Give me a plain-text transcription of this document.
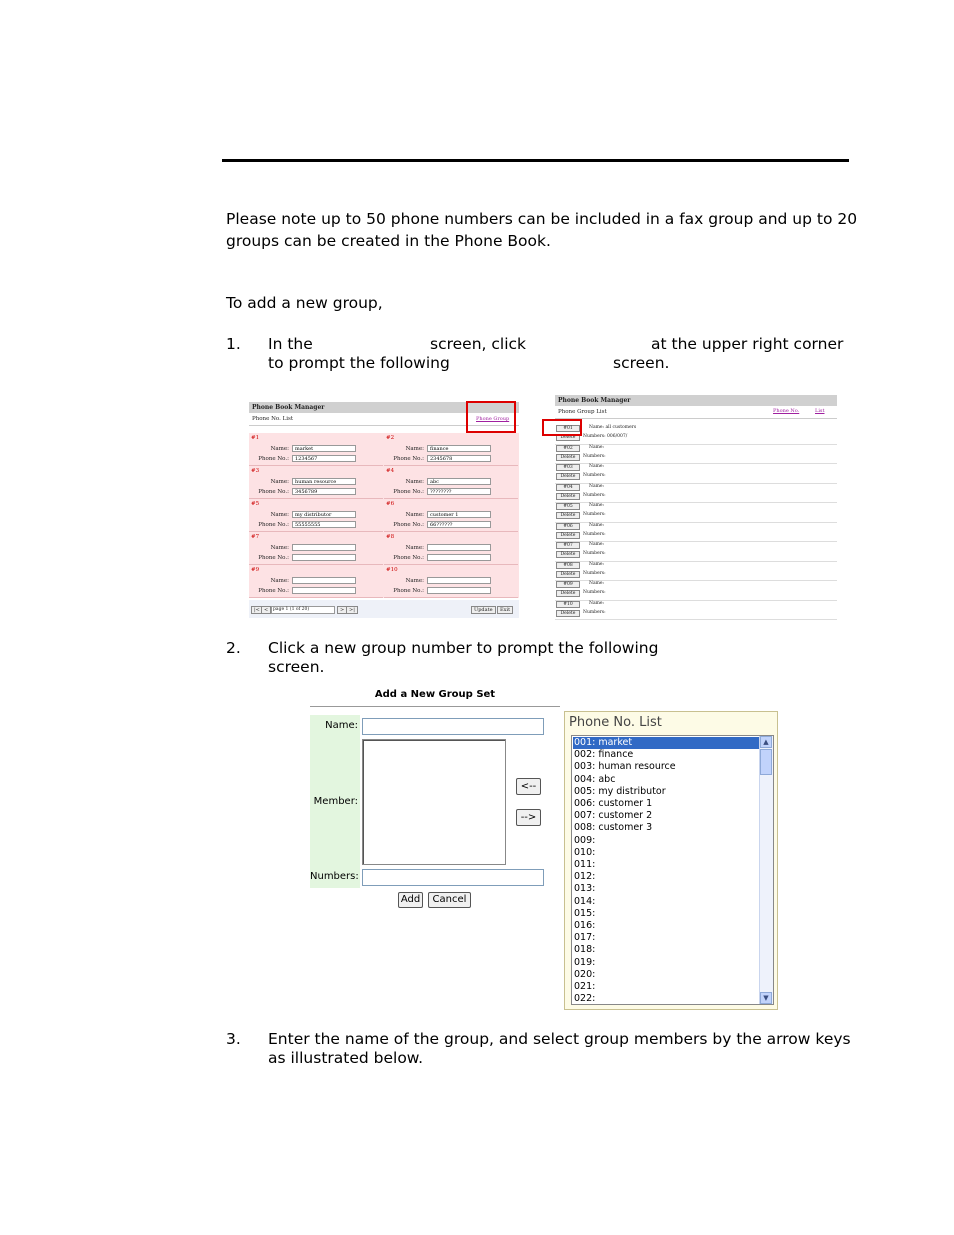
Please note up to 50 phone numbers can be included in a fax group and up to 20
groups can be created in the Phone Book.
To add a new group,
1. In the	screen, click	at the upper right corner
to prompt the following	screen.
Phone Book Manager
Phone No. List	Phone Group
#1
Name:
market
Phone No.:
1234567
#2
Name:
finance
Phone No.:
2345678
#3
Name:
human resource
Phone No.:
3456789
#4
Name:
abc
Phone No.:
????????
#5
Name:
my distributor
Phone No.:
55555555
#6
Name:
customer 1
Phone No.:
66??????
#7
Name:
Phone No.:
#8
Name:
Phone No.:
#9
Name:
Phone No.:
#10
Name:
Phone No.:
|< <	page 1 (1 of 20)	> >|	Update	Exit
Phone Book Manager
Phone Group List	Phone No.	List
#01
Delete
Name: all customers
Numbers: 006/007/
#02
Delete
Name:
Numbers:
#03
Delete
Name:
Numbers:
#04
Delete
Name:
Numbers:
#05
Delete
Name:
Numbers:
#06
Delete
Name:
Numbers:
#07
Delete
Name:
Numbers:
#08
Delete
Name:
Numbers:
#09
Delete
Name:
Numbers:
#10
Delete
Name:
Numbers:
2. Click a new group number to prompt the following
screen.
Add a New Group Set
Name:
Member:
<--
-->
Numbers:
Add	Cancel
Phone No. List
001: market
002: finance
003: human resource
004: abc
005: my distributor
006: customer 1
007: customer 2
008: customer 3
009:
010:
011:
012:
013:
014:
015:
016:
017:
018:
019:
020:
021:
022:
▲
▼
3. Enter the name of the group, and select group members by the arrow keys
as illustrated below.
